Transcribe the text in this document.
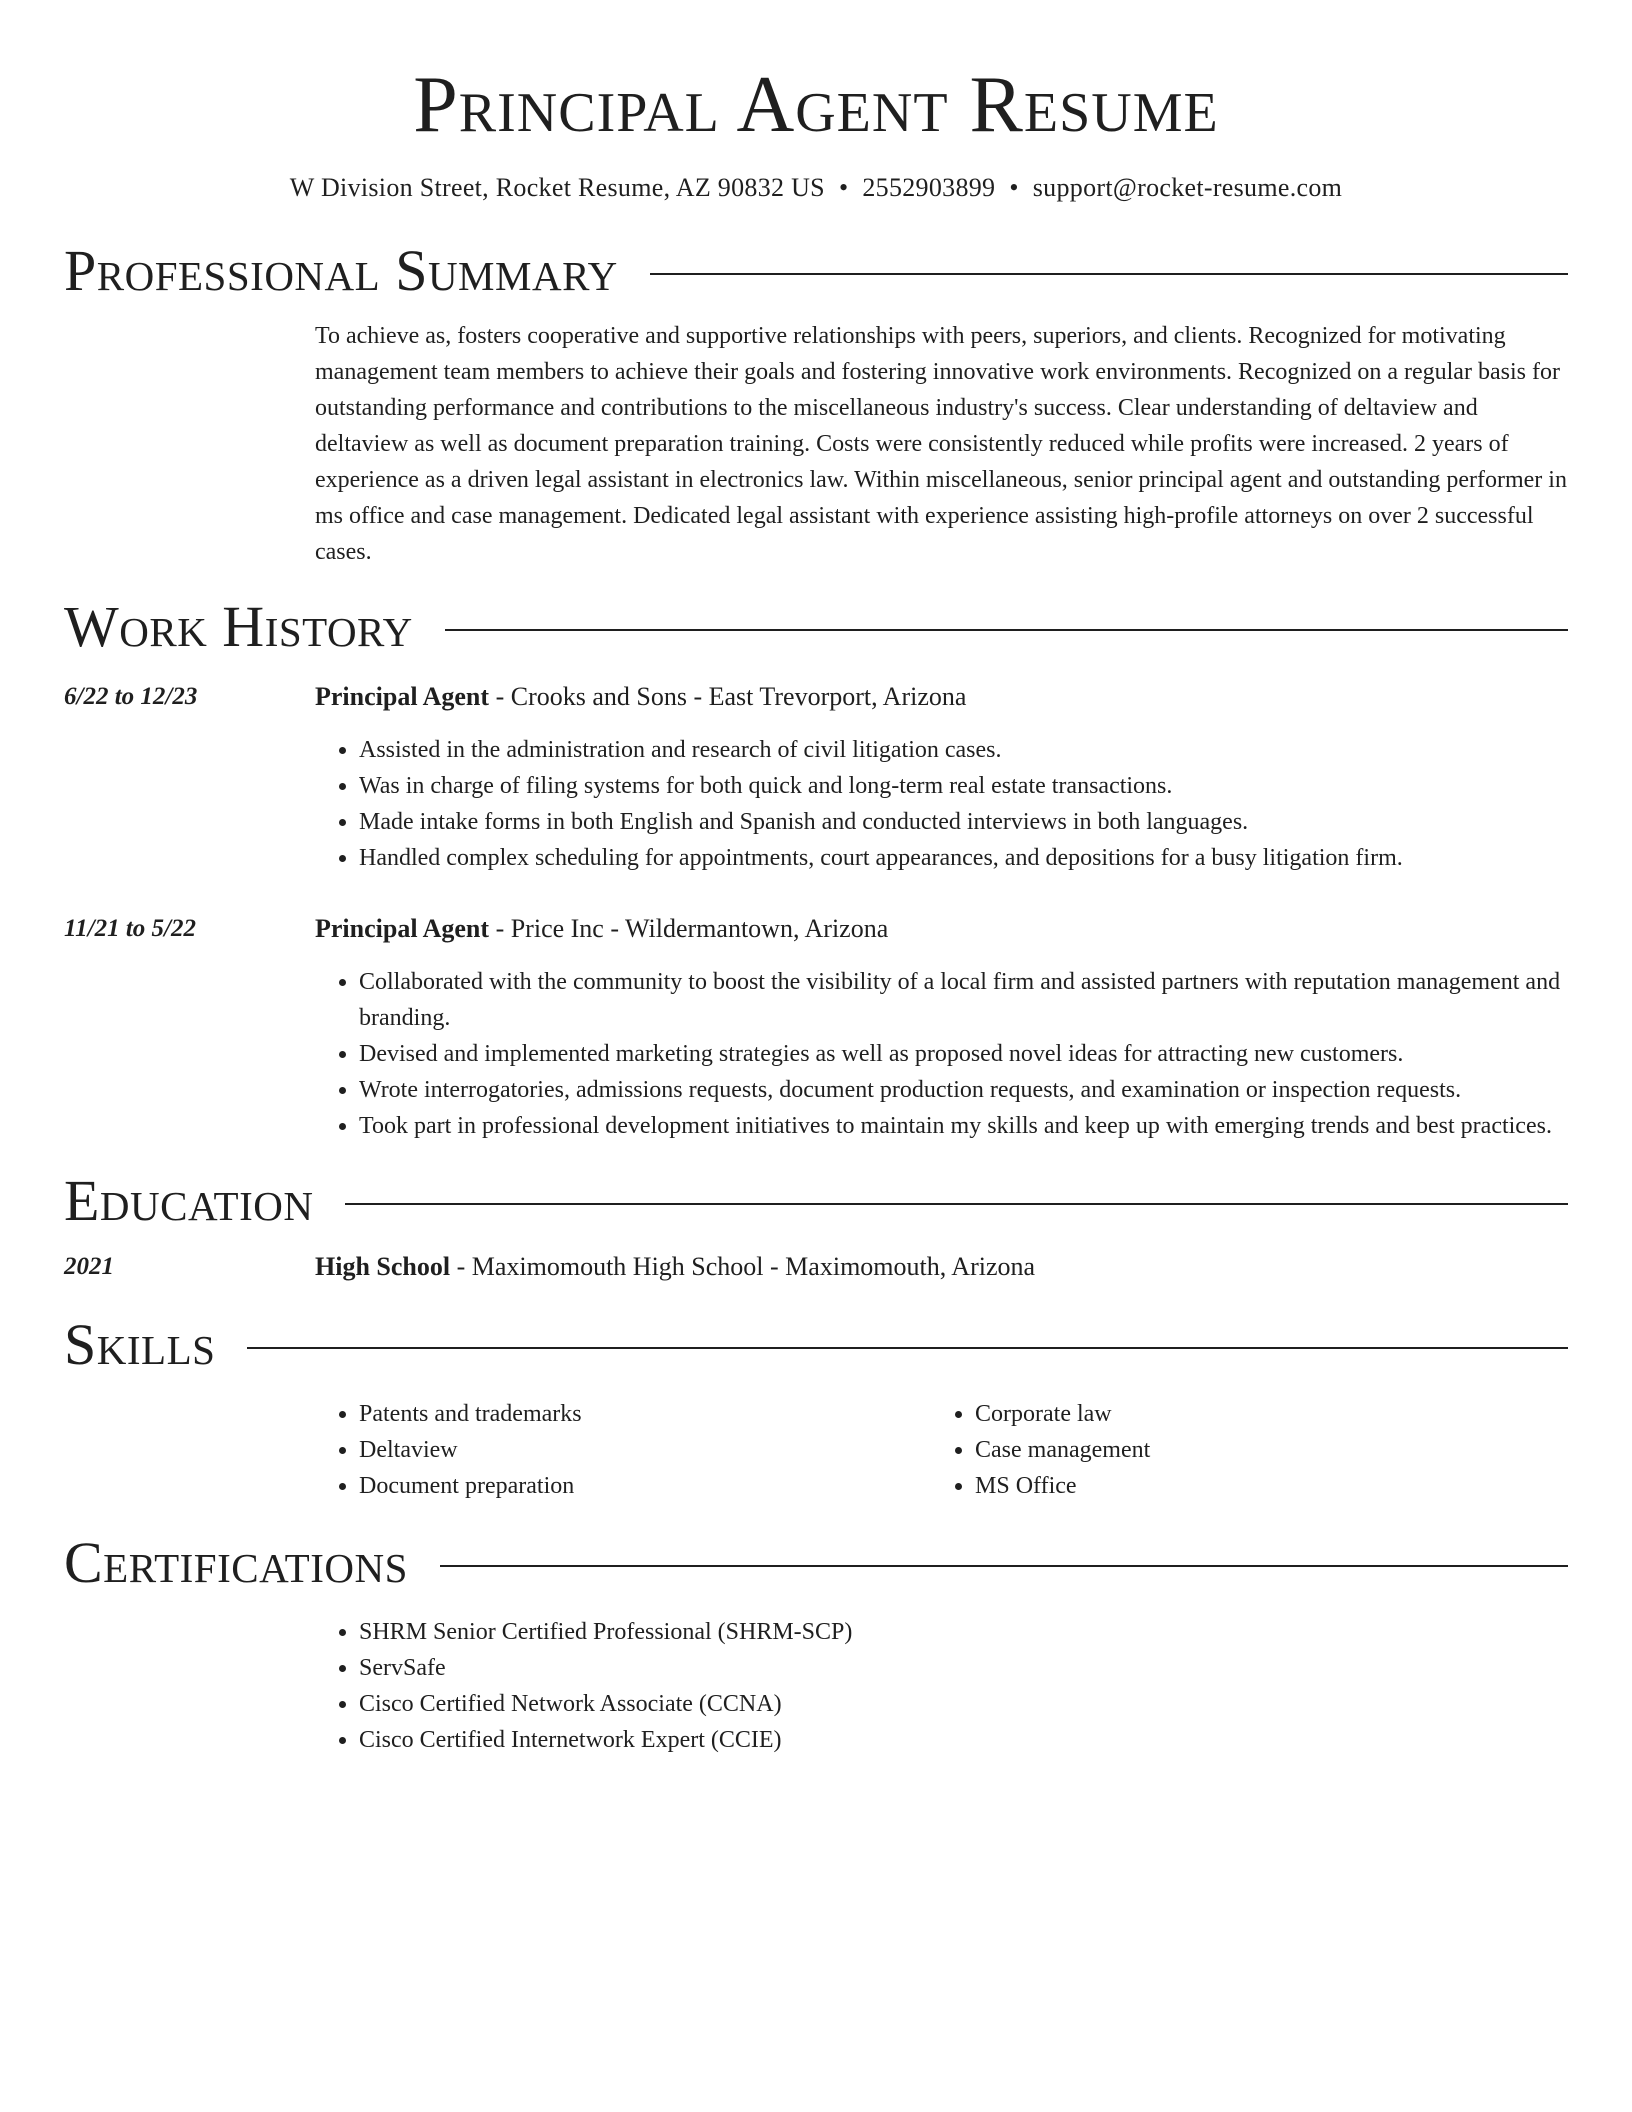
Principal Agent Resume
W Division Street, Rocket Resume, AZ 90832 US • 2552903899 • support@rocket-resume.com
Professional Summary
To achieve as, fosters cooperative and supportive relationships with peers, superiors, and clients. Recognized for motivating management team members to achieve their goals and fostering innovative work environments. Recognized on a regular basis for outstanding performance and contributions to the miscellaneous industry's success. Clear understanding of deltaview and deltaview as well as document preparation training. Costs were consistently reduced while profits were increased. 2 years of experience as a driven legal assistant in electronics law. Within miscellaneous, senior principal agent and outstanding performer in ms office and case management. Dedicated legal assistant with experience assisting high-profile attorneys on over 2 successful cases.
Work History
6/22 to 12/23	Principal Agent - Crooks and Sons - East Trevorport, Arizona
• Assisted in the administration and research of civil litigation cases.
• Was in charge of filing systems for both quick and long-term real estate transactions.
• Made intake forms in both English and Spanish and conducted interviews in both languages.
• Handled complex scheduling for appointments, court appearances, and depositions for a busy litigation firm.
11/21 to 5/22	Principal Agent - Price Inc - Wildermantown, Arizona
• Collaborated with the community to boost the visibility of a local firm and assisted partners with reputation management and branding.
• Devised and implemented marketing strategies as well as proposed novel ideas for attracting new customers.
• Wrote interrogatories, admissions requests, document production requests, and examination or inspection requests.
• Took part in professional development initiatives to maintain my skills and keep up with emerging trends and best practices.
Education
2021	High School - Maximomouth High School - Maximomouth, Arizona
Skills
• Patents and trademarks
• Deltaview
• Document preparation
• Corporate law
• Case management
• MS Office
Certifications
• SHRM Senior Certified Professional (SHRM-SCP)
• ServSafe
• Cisco Certified Network Associate (CCNA)
• Cisco Certified Internetwork Expert (CCIE)
